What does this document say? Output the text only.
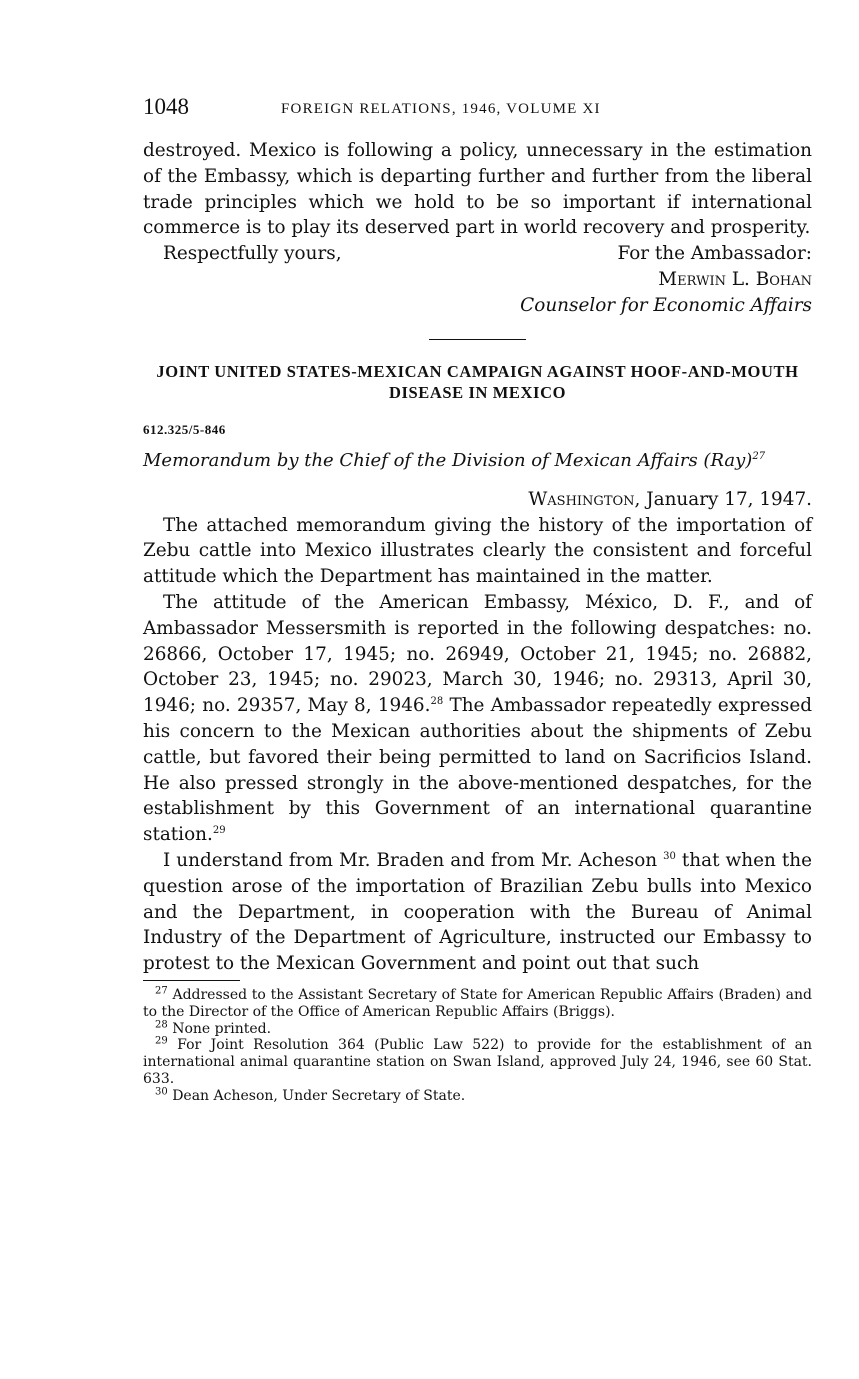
1048	FOREIGN RELATIONS, 1946, VOLUME XI

destroyed. Mexico is following a policy, unnecessary in the estimation of the Embassy, which is departing further and further from the liberal trade principles which we hold to be so important if international commerce is to play its deserved part in world recovery and prosperity.

Respectfully yours,	For the Ambassador:
Merwin L. Bohan
Counselor for Economic Affairs
JOINT UNITED STATES-MEXICAN CAMPAIGN AGAINST HOOF-AND-MOUTH DISEASE IN MEXICO
612.325/5-846
Memorandum by the Chief of the Division of Mexican Affairs (Ray)$^{27}$
Washington, January 17, 1947.

The attached memorandum giving the history of the importation of Zebu cattle into Mexico illustrates clearly the consistent and forceful attitude which the Department has maintained in the matter.

The attitude of the American Embassy, México, D. F., and of Ambassador Messersmith is reported in the following despatches: no. 26866, October 17, 1945; no. 26949, October 21, 1945; no. 26882, October 23, 1945; no. 29023, March 30, 1946; no. 29313, April 30, 1946; no. 29357, May 8, 1946.28 The Ambassador repeatedly expressed his concern to the Mexican authorities about the shipments of Zebu cattle, but favored their being permitted to land on Sacrificios Island. He also pressed strongly in the above-mentioned despatches, for the establishment by this Government of an international quarantine station.$^{29}$

I understand from Mr. Braden and from Mr. Acheson $^{30}$ that when the question arose of the importation of Brazilian Zebu bulls into Mexico and the Department, in cooperation with the Bureau of Animal Industry of the Department of Agriculture, instructed our Embassy to protest to the Mexican Government and point out that such

$^{27}$ Addressed to the Assistant Secretary of State for American Republic Affairs (Braden) and to the Director of the Office of American Republic Affairs (Briggs).

$^{28}$ None printed.

$^{29}$ For Joint Resolution 364 (Public Law 522) to provide for the establishment of an international animal quarantine station on Swan Island, approved July 24, 1946, see 60 Stat. 633.

$^{30}$ Dean Acheson, Under Secretary of State.
